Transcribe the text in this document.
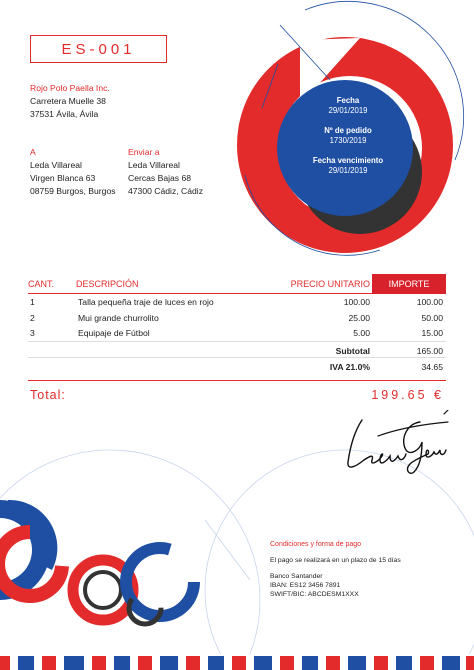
ES-001
Rojo Polo Paella Inc.
Carretera Muelle 38
37531 Ávila, Ávila
A
Leda Villareal
Virgen Blanca 63
08759 Burgos, Burgos
Enviar a
Leda Villareal
Cercas Bajas 68
47300 Cádiz, Cádiz
Fecha
29/01/2019
Nº de pedido
1730/2019
Fecha vencimiento
29/01/2019
CANT. DESCRIPCIÓN	PRECIO UNITARIO	IMPORTE
1	Talla pequeña traje de luces en rojo	100.00	100.00
2	Mui grande churrolito	25.00	50.00
3	Equipaje de Fútbol	5.00	15.00
Subtotal	165.00
IVA 21.0%	34.65
Total:	199.65 €
Condiciones y forma de pago
El pago se realizará en un plazo de 15 días
Banco Santander
IBAN: ES12 3456 7891
SWIFT/BIC: ABCDESM1XXX
